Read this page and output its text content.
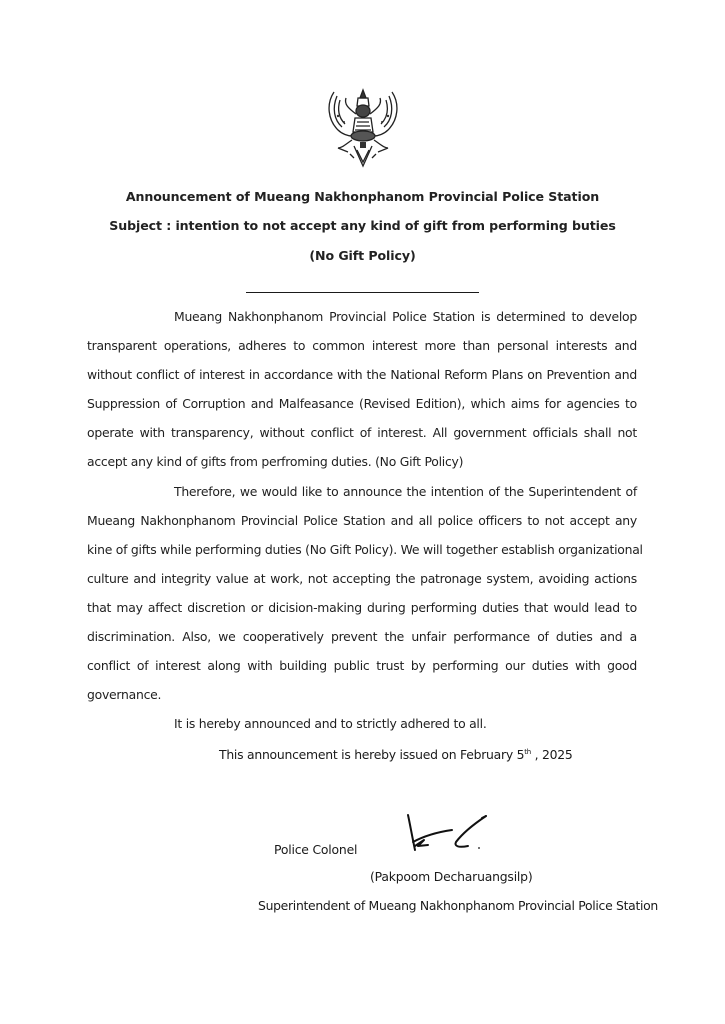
Announcement of Mueang Nakhonphanom Provincial Police Station
Subject : intention to not accept any kind of gift from performing buties
(No Gift Policy)
Mueang Nakhonphanom Provincial Police Station is determined to develop
transparent operations, adheres to common interest more than personal interests and
without conflict of interest in accordance with the National Reform Plans on Prevention and
Suppression of Corruption and Malfeasance (Revised Edition), which aims for agencies to
operate with transparency, without conflict of interest. All government officials shall not
accept any kind of gifts from perfroming duties. (No Gift Policy)
Therefore, we would like to announce the intention of the Superintendent of
Mueang Nakhonphanom Provincial Police Station and all police officers to not accept any
kine of gifts while performing duties (No Gift Policy). We will together establish organizational
culture and integrity value at work, not accepting the patronage system, avoiding actions
that may affect discretion or dicision-making during performing duties that would lead to
discrimination. Also, we cooperatively prevent the unfair performance of duties and a
conflict of interest along with building public trust by performing our duties with good
governance.
It is hereby announced and to strictly adhered to all.
This announcement is hereby issued on February 5th , 2025
Police Colonel
(Pakpoom Decharuangsilp)
Superintendent of Mueang Nakhonphanom Provincial Police Station
